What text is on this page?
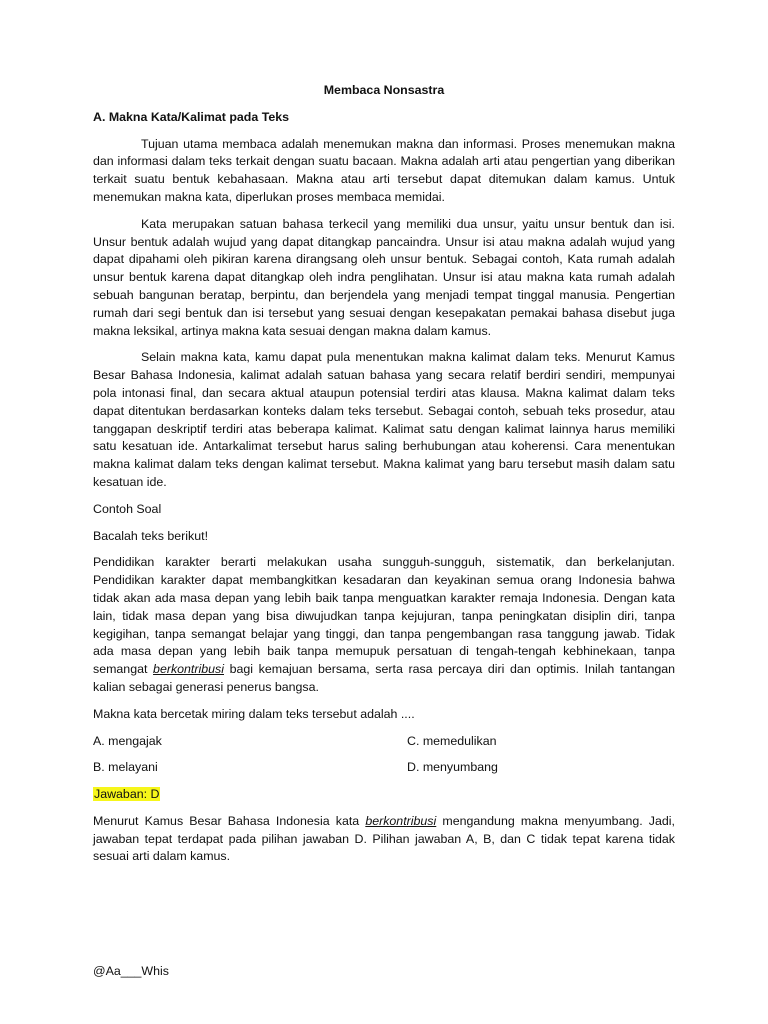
Membaca Nonsastra
A. Makna Kata/Kalimat pada Teks

Tujuan utama membaca adalah menemukan makna dan informasi. Proses menemukan makna dan informasi dalam teks terkait dengan suatu bacaan. Makna adalah arti atau pengertian yang diberikan terkait suatu bentuk kebahasaan. Makna atau arti tersebut dapat ditemukan dalam kamus. Untuk menemukan makna kata, diperlukan proses membaca memidai.

Kata merupakan satuan bahasa terkecil yang memiliki dua unsur, yaitu unsur bentuk dan isi. Unsur bentuk adalah wujud yang dapat ditangkap pancaindra. Unsur isi atau makna adalah wujud yang dapat dipahami oleh pikiran karena dirangsang oleh unsur bentuk. Sebagai contoh, Kata rumah adalah unsur bentuk karena dapat ditangkap oleh indra penglihatan. Unsur isi atau makna kata rumah adalah sebuah bangunan beratap, berpintu, dan berjendela yang menjadi tempat tinggal manusia. Pengertian rumah dari segi bentuk dan isi tersebut yang sesuai dengan kesepakatan pemakai bahasa disebut juga makna leksikal, artinya makna kata sesuai dengan makna dalam kamus.

Selain makna kata, kamu dapat pula menentukan makna kalimat dalam teks. Menurut Kamus Besar Bahasa Indonesia, kalimat adalah satuan bahasa yang secara relatif berdiri sendiri, mempunyai pola intonasi final, dan secara aktual ataupun potensial terdiri atas klausa. Makna kalimat dalam teks dapat ditentukan berdasarkan konteks dalam teks tersebut. Sebagai contoh, sebuah teks prosedur, atau tanggapan deskriptif terdiri atas beberapa kalimat. Kalimat satu dengan kalimat lainnya harus memiliki satu kesatuan ide. Antarkalimat tersebut harus saling berhubungan atau koherensi. Cara menentukan makna kalimat dalam teks dengan kalimat tersebut. Makna kalimat yang baru tersebut masih dalam satu kesatuan ide.

Contoh Soal
Bacalah teks berikut!

Pendidikan karakter berarti melakukan usaha sungguh-sungguh, sistematik, dan berkelanjutan. Pendidikan karakter dapat membangkitkan kesadaran dan keyakinan semua orang Indonesia bahwa tidak akan ada masa depan yang lebih baik tanpa menguatkan karakter remaja Indonesia. Dengan kata lain, tidak masa depan yang bisa diwujudkan tanpa kejujuran, tanpa peningkatan disiplin diri, tanpa kegigihan, tanpa semangat belajar yang tinggi, dan tanpa pengembangan rasa tanggung jawab. Tidak ada masa depan yang lebih baik tanpa memupuk persatuan di tengah-tengah kebhinekaan, tanpa semangat berkontribusi bagi kemajuan bersama, serta rasa percaya diri dan optimis. Inilah tantangan kalian sebagai generasi penerus bangsa.

Makna kata bercetak miring dalam teks tersebut adalah ....
A. mengajak	C. memedulikan
B. melayani	D. menyumbang
Jawaban: D

Menurut Kamus Besar Bahasa Indonesia kata berkontribusi mengandung makna menyumbang. Jadi, jawaban tepat terdapat pada pilihan jawaban D. Pilihan jawaban A, B, dan C tidak tepat karena tidak sesuai arti dalam kamus.

@Aa___Whis
